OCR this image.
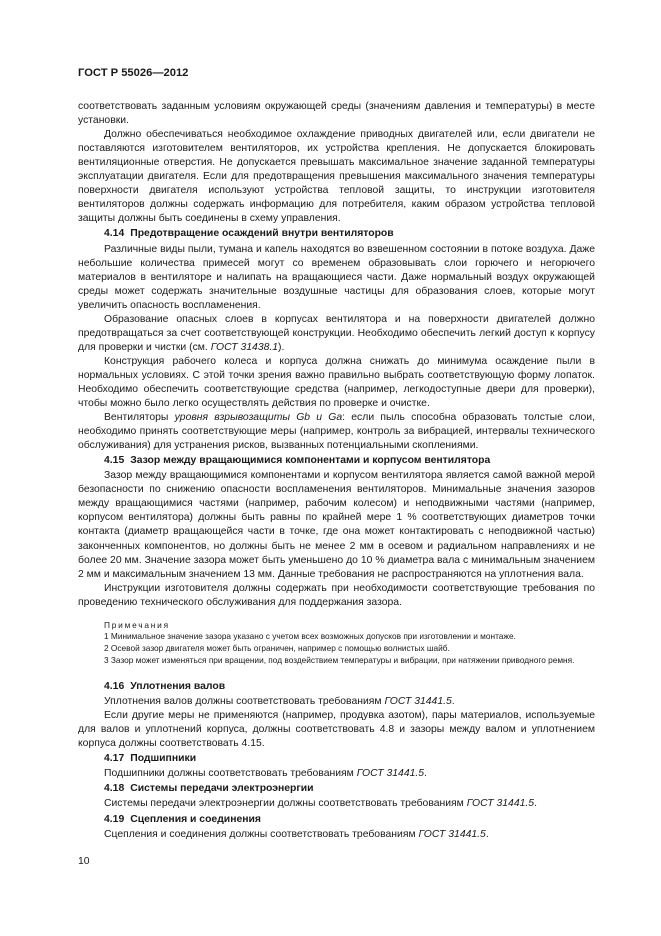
ГОСТ Р 55026—2012

соответствовать заданным условиям окружающей среды (значениям давления и температуры) в месте установки.

Должно обеспечиваться необходимое охлаждение приводных двигателей или, если двигатели не поставляются изготовителем вентиляторов, их устройства крепления. Не допускается блокировать вентиляционные отверстия. Не допускается превышать максимальное значение заданной температуры эксплуатации двигателя. Если для предотвращения превышения максимального значения температуры поверхности двигателя используют устройства тепловой защиты, то инструкции изготовителя вентиляторов должны содержать информацию для потребителя, каким образом устройства тепловой защиты должны быть соединены в схему управления.

4.14 Предотвращение осаждений внутри вентиляторов

Различные виды пыли, тумана и капель находятся во взвешенном состоянии в потоке воздуха. Даже небольшие количества примесей могут со временем образовывать слои горючего и негорючего материалов в вентиляторе и налипать на вращающиеся части. Даже нормальный воздух окружающей среды может содержать значительные воздушные частицы для образования слоев, которые могут увеличить опасность воспламенения.

Образование опасных слоев в корпусах вентилятора и на поверхности двигателей должно предотвращаться за счет соответствующей конструкции. Необходимо обеспечить легкий доступ к корпусу для проверки и чистки (см. ГОСТ 31438.1).

Конструкция рабочего колеса и корпуса должна снижать до минимума осаждение пыли в нормальных условиях. С этой точки зрения важно правильно выбрать соответствующую форму лопаток. Необходимо обеспечить соответствующие средства (например, легкодоступные двери для проверки), чтобы можно было легко осуществлять действия по проверке и очистке.

Вентиляторы уровня взрывозащиты Gb и Ga: если пыль способна образовать толстые слои, необходимо принять соответствующие меры (например, контроль за вибрацией, интервалы технического обслуживания) для устранения рисков, вызванных потенциальными скоплениями.

4.15 Зазор между вращающимися компонентами и корпусом вентилятора

Зазор между вращающимися компонентами и корпусом вентилятора является самой важной мерой безопасности по снижению опасности воспламенения вентиляторов. Минимальные значения зазоров между вращающимися частями (например, рабочим колесом) и неподвижными частями (например, корпусом вентилятора) должны быть равны по крайней мере 1 % соответствующих диаметров точки контакта (диаметр вращающейся части в точке, где она может контактировать с неподвижной частью) законченных компонентов, но должны быть не менее 2 мм в осевом и радиальном направлениях и не более 20 мм. Значение зазора может быть уменьшено до 10 % диаметра вала с минимальным значением 2 мм и максимальным значением 13 мм. Данные требования не распространяются на уплотнения вала.

Инструкции изготовителя должны содержать при необходимости соответствующие требования по проведению технического обслуживания для поддержания зазора.

Примечания
1 Минимальное значение зазора указано с учетом всех возможных допусков при изготовлении и монтаже.
2 Осевой зазор двигателя может быть ограничен, например с помощью волнистых шайб.
3 Зазор может изменяться при вращении, под воздействием температуры и вибрации, при натяжении приводного ремня.
4.16 Уплотнения валов

Уплотнения валов должны соответствовать требованиям ГОСТ 31441.5.

Если другие меры не применяются (например, продувка азотом), пары материалов, используемые для валов и уплотнений корпуса, должны соответствовать 4.8 и зазоры между валом и уплотнением корпуса должны соответствовать 4.15.

4.17 Подшипники

Подшипники должны соответствовать требованиям ГОСТ 31441.5.

4.18 Системы передачи электроэнергии

Системы передачи электроэнергии должны соответствовать требованиям ГОСТ 31441.5.

4.19 Сцепления и соединения

Сцепления и соединения должны соответствовать требованиям ГОСТ 31441.5.

10
